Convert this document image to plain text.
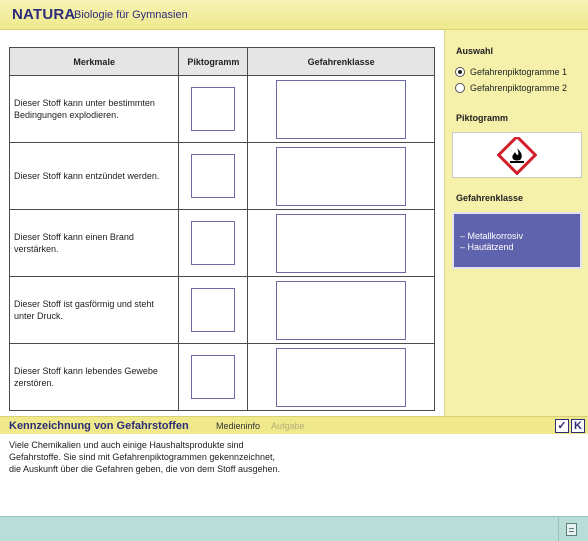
NATURA
Biologie für Gymnasien
Merkmale	Piktogramm	Gefahrenklasse
Dieser Stoff kann unter bestimmten Bedingungen explodieren.	

Dieser Stoff kann entzündet werden.	

Dieser Stoff kann einen Brand verstärken.	

Dieser Stoff ist gasförmig und steht unter Druck.	

Dieser Stoff kann lebendes Gewebe zerstören.	

Auswahl
Gefahrenpiktogramme 1
Gefahrenpiktogramme 2
Piktogramm
Gefahrenklasse
– Metallkorrosiv
– Hautätzend
Kennzeichnung von Gefahrstoffen	Medieninfo Aufgabe	✓ K
Viele Chemikalien und auch einige Haushaltsprodukte sind
Gefahrstoffe. Sie sind mit Gefahrenpiktogrammen gekennzeichnet,
die Auskunft über die Gefahren geben, die von dem Stoff ausgehen.
